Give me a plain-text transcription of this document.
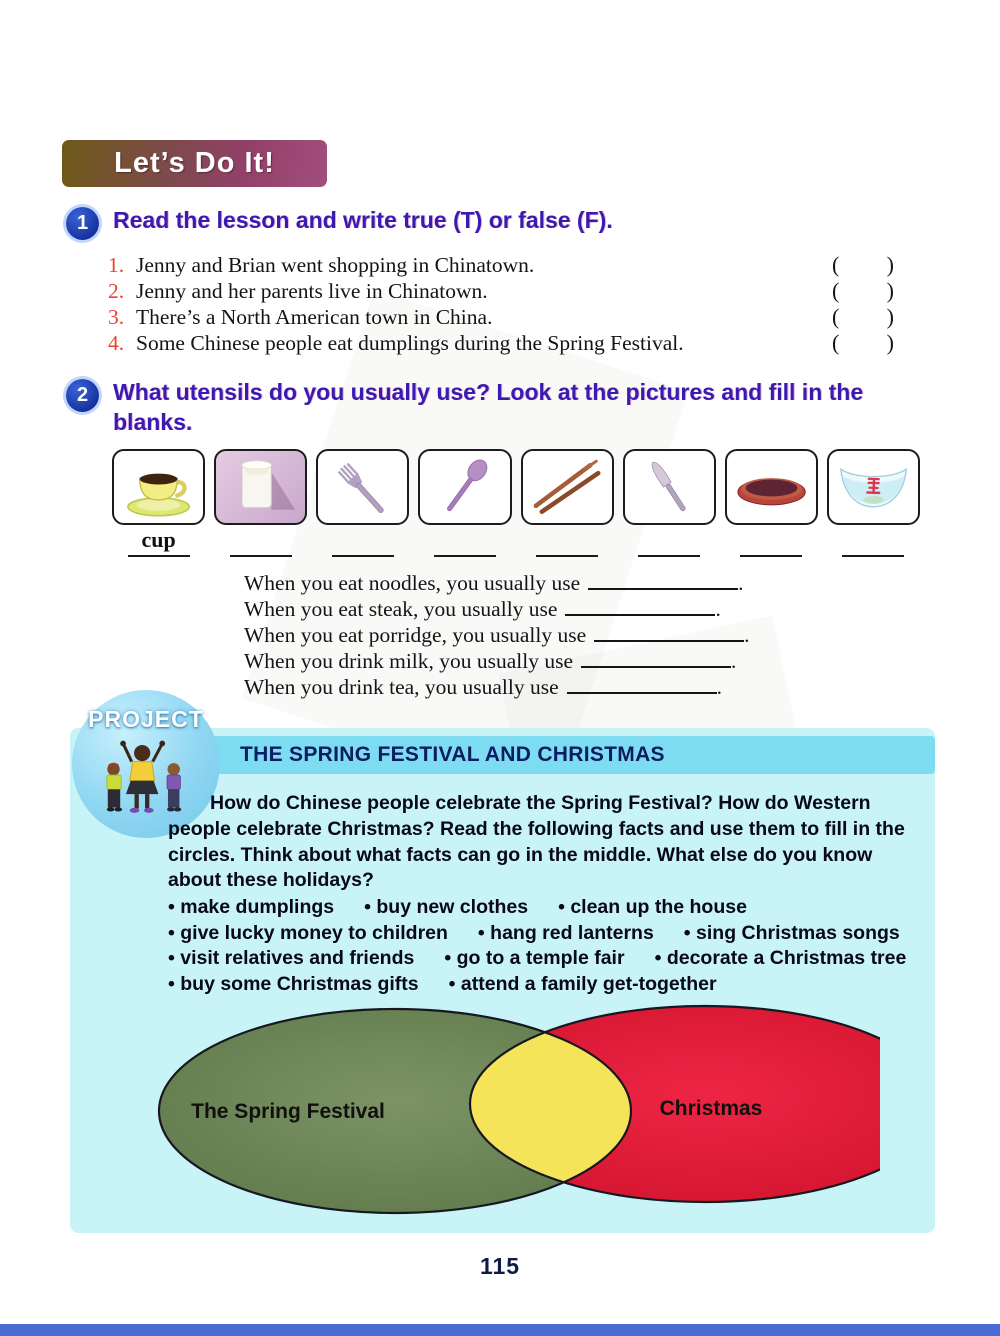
Let’s Do It!
1 Read the lesson and write true (T) or false (F).
1. Jenny and Brian went shopping in Chinatown.	( )
2. Jenny and her parents live in Chinatown.	( )
3. There’s a North American town in China.	( )
4. Some Chinese people eat dumplings during the Spring Festival.	( )
2 What utensils do you usually use? Look at the pictures and fill in the blanks.
cup
When you eat noodles, you usually use	.
When you eat steak, you usually use	.
When you eat porridge, you usually use	.
When you drink milk, you usually use	.
When you drink tea, you usually use	.
THE SPRING FESTIVAL AND CHRISTMAS
PROJECT
How do Chinese people celebrate the Spring Festival? How do Western people celebrate Christmas? Read the following facts and use them to fill in the circles. Think about what facts can go in the middle. What else do you know about these holidays?
• make dumplings	• buy new clothes	• clean up the house
• give lucky money to children	• hang red lanterns	• sing Christmas songs
• visit relatives and friends	• go to a temple fair	• decorate a Christmas tree
• buy some Christmas gifts	• attend a family get-together
The Spring Festival	Christmas
115
